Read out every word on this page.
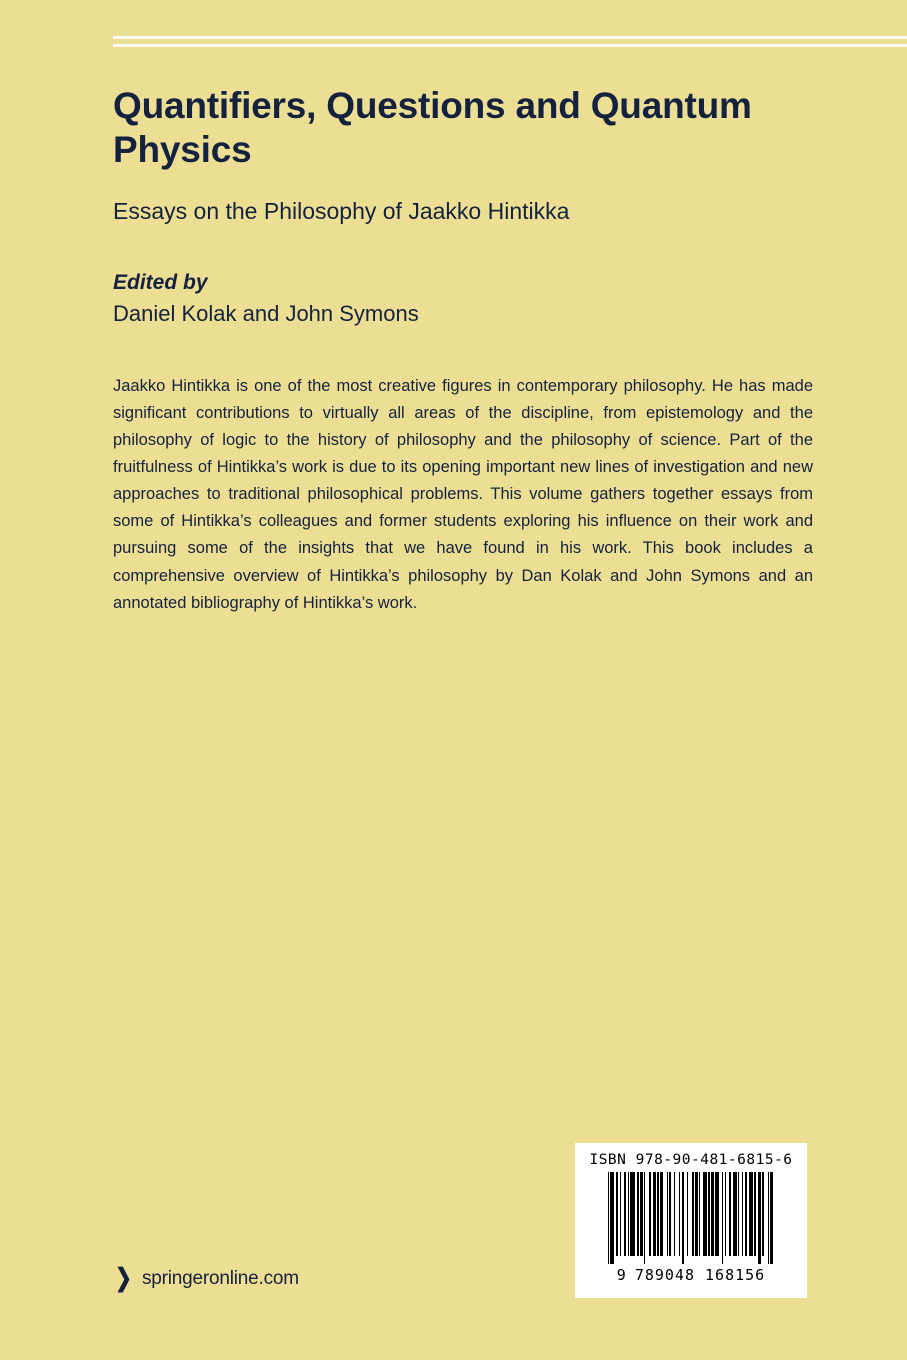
Quantifiers, Questions and Quantum Physics
Essays on the Philosophy of Jaakko Hintikka

Edited by

Daniel Kolak and John Symons

Jaakko Hintikka is one of the most creative figures in contemporary philosophy. He has made significant contributions to virtually all areas of the discipline, from epistemology and the philosophy of logic to the history of philosophy and the philosophy of science. Part of the fruitfulness of Hintikka’s work is due to its opening important new lines of investigation and new approaches to traditional philosophical problems. This volume gathers together essays from some of Hintikka’s colleagues and former students exploring his influence on their work and pursuing some of the insights that we have found in his work. This book includes a comprehensive overview of Hintikka’s philosophy by Dan Kolak and John Symons and an annotated bibliography of Hintikka’s work.

ISBN 978-90-481-6815-6
9 789048 168156
❯ springeronline.com
